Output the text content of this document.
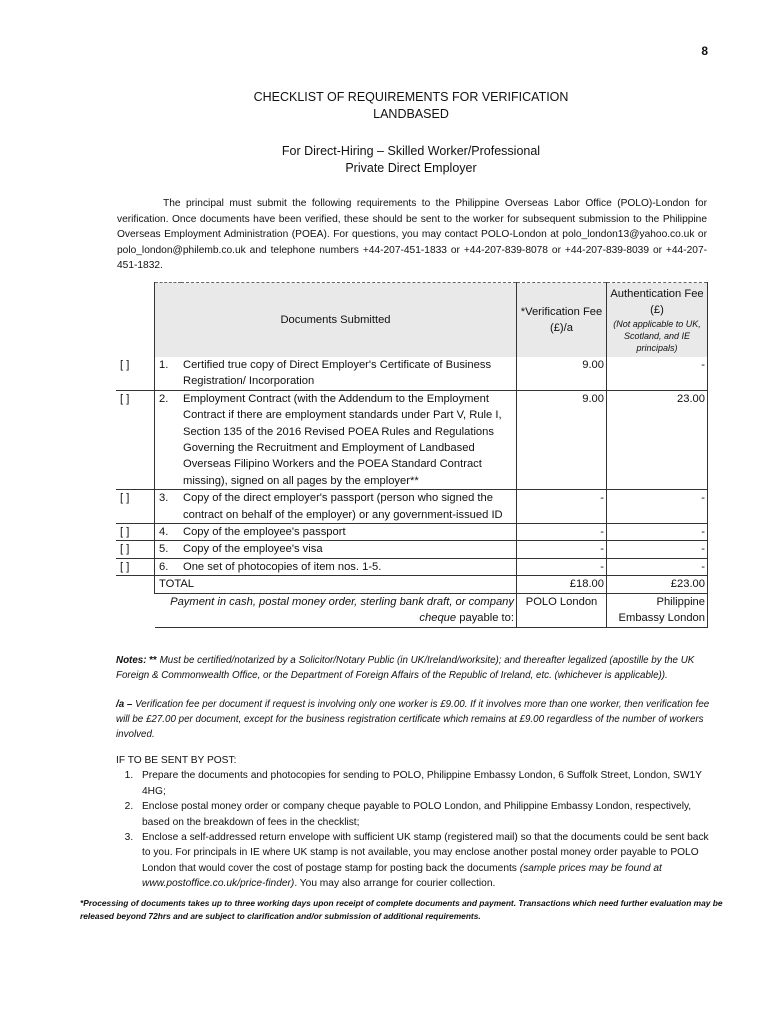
8
CHECKLIST OF REQUIREMENTS FOR VERIFICATION
LANDBASED
For Direct-Hiring – Skilled Worker/Professional
Private Direct Employer
The principal must submit the following requirements to the Philippine Overseas Labor Office (POLO)-London for verification. Once documents have been verified, these should be sent to the worker for subsequent submission to the Philippine Overseas Employment Administration (POEA). For questions, you may contact POLO-London at polo_london13@yahoo.co.uk or polo_london@philemb.co.uk and telephone numbers +44-207-451-1833 or +44-207-839-8078 or +44-207-839-8039 or +44-207-451-1832.
	Documents Submitted		*Verification Fee (£)/a	Authentication Fee (£)
(Not applicable to UK, Scotland, and IE principals)

[ ]	1.	Certified true copy of Direct Employer's Certificate of Business Registration/ Incorporation	9.00	-
[ ]	2.	Employment Contract (with the Addendum to the Employment Contract if there are employment standards under Part V, Rule I, Section 135 of the 2016 Revised POEA Rules and Regulations Governing the Recruitment and Employment of Landbased Overseas Filipino Workers and the POEA Standard Contract missing), signed on all pages by the employer**	9.00	23.00
[ ]	3.	Copy of the direct employer's passport (person who signed the contract on behalf of the employer) or any government-issued ID	-	-
[ ]	4.	Copy of the employee's passport	-	-
[ ]	5.	Copy of the employee's visa	-	-
[ ]	6.	One set of photocopies of item nos. 1-5.	-	-
	TOTAL		£18.00	£23.00
	Payment in cash, postal money order, sterling bank draft, or company cheque payable to:		POLO London	Philippine Embassy London
Notes: ** Must be certified/notarized by a Solicitor/Notary Public (in UK/Ireland/worksite); and thereafter legalized (apostille by the UK Foreign & Commonwealth Office, or the Department of Foreign Affairs of the Republic of Ireland, etc. (whichever is applicable)).
/a – Verification fee per document if request is involving only one worker is £9.00. If it involves more than one worker, then verification fee will be £27.00 per document, except for the business registration certificate which remains at £9.00 regardless of the number of workers involved.
IF TO BE SENT BY POST:
1. Prepare the documents and photocopies for sending to POLO, Philippine Embassy London, 6 Suffolk Street, London, SW1Y 4HG;
2. Enclose postal money order or company cheque payable to POLO London, and Philippine Embassy London, respectively, based on the breakdown of fees in the checklist;
3. Enclose a self-addressed return envelope with sufficient UK stamp (registered mail) so that the documents could be sent back to you. For principals in IE where UK stamp is not available, you may enclose another postal money order payable to POLO London that would cover the cost of postage stamp for posting back the documents (sample prices may be found at www.postoffice.co.uk/price-finder). You may also arrange for courier collection.
*Processing of documents takes up to three working days upon receipt of complete documents and payment. Transactions which need further evaluation may be released beyond 72hrs and are subject to clarification and/or submission of additional requirements.
